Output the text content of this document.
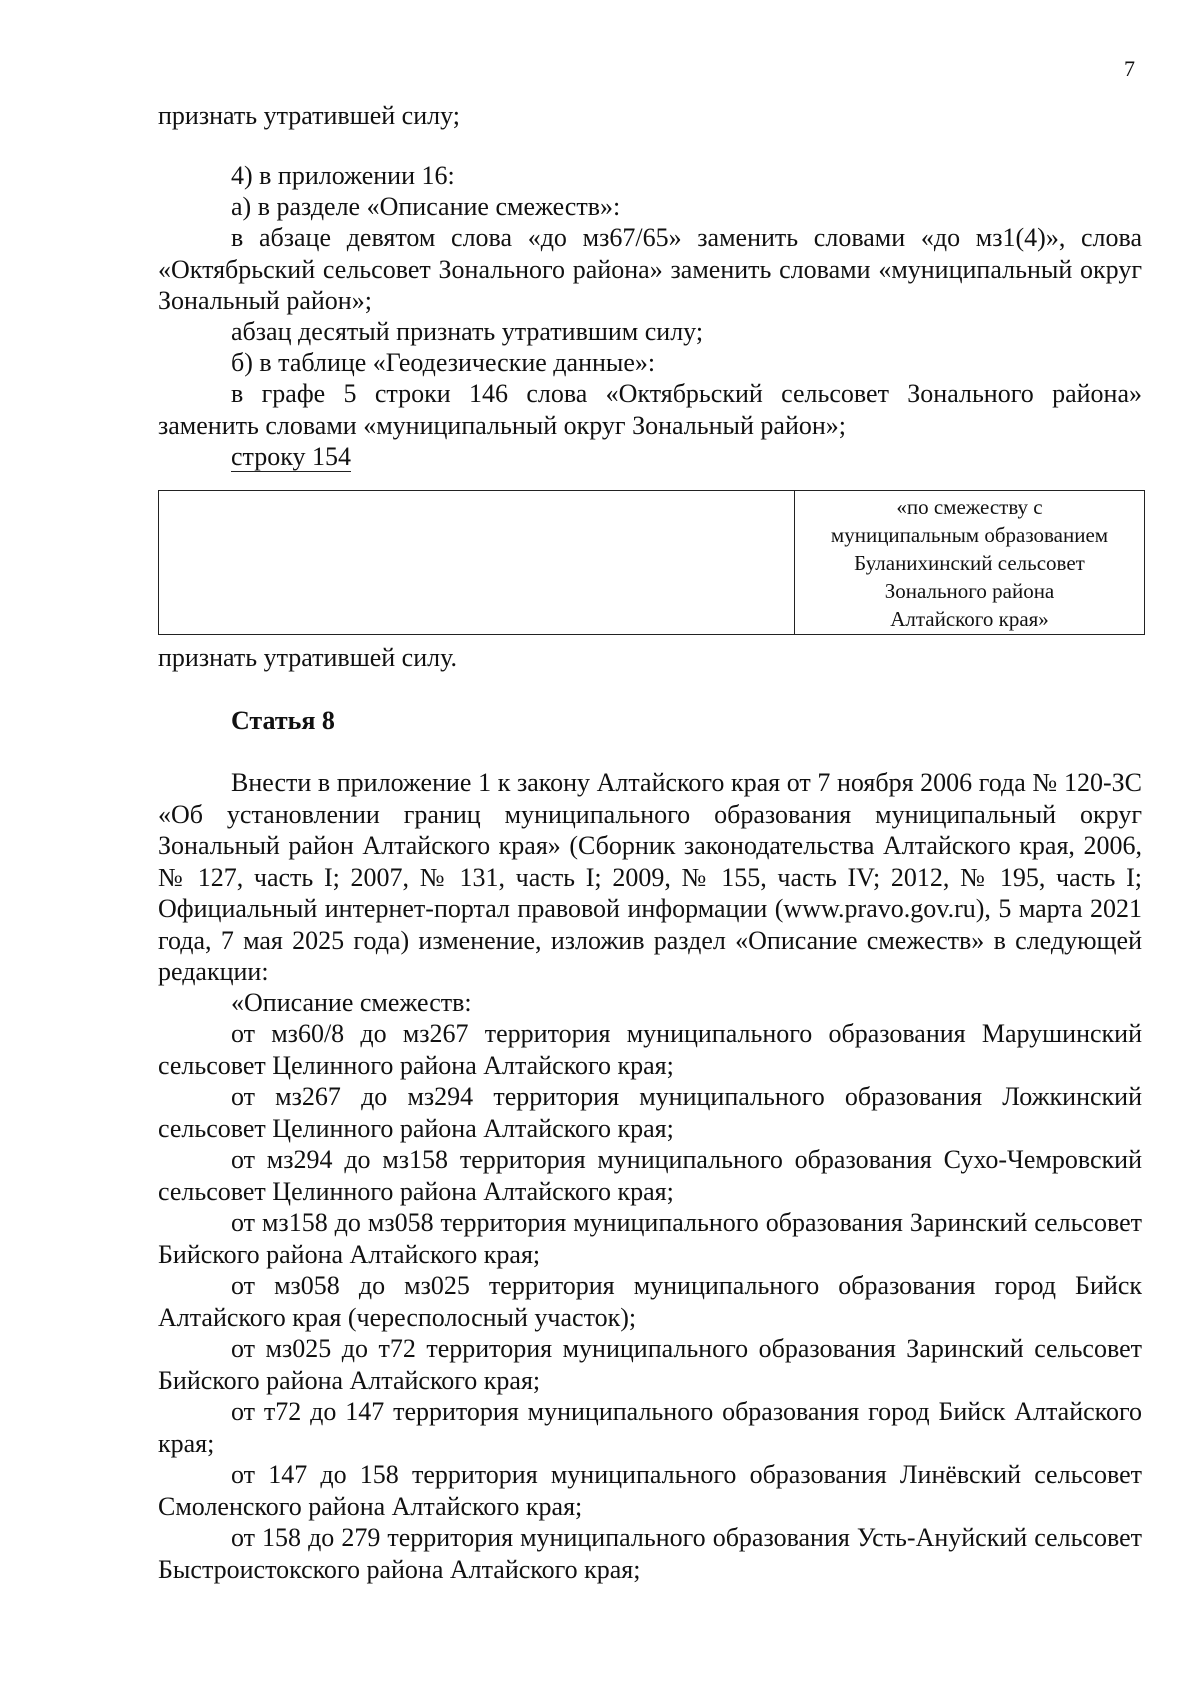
7

признать утратившей силу;

4) в приложении 16:

а) в разделе «Описание смежеств»:

в абзаце девятом слова «до мз67/65» заменить словами «до мз1(4)», слова «Октябрьский сельсовет Зонального района» заменить словами «муниципальный округ Зональный район»;

абзац десятый признать утратившим силу;

б) в таблице «Геодезические данные»:

в графе 5 строки 146 слова «Октябрьский сельсовет Зонального района» заменить словами «муниципальный округ Зональный район»;

строку 154

«по смежеству с
муниципальным образованием
Буланихинский сельсовет
Зонального района
Алтайского края»

признать утратившей силу.

Статья 8

Внести в приложение 1 к закону Алтайского края от 7 ноября 2006 года № 120-ЗС «Об установлении границ муниципального образования муниципальный округ Зональный район Алтайского края» (Сборник законодательства Алтайского края, 2006, № 127, часть I; 2007, № 131, часть I; 2009, № 155, часть IV; 2012, № 195, часть I; Официальный интернет-портал правовой информации (www.pravo.gov.ru), 5 марта 2021 года, 7 мая 2025 года) изменение, изложив раздел «Описание смежеств» в следующей редакции:

«Описание смежеств:

от мз60/8 до мз267 территория муниципального образования Марушинский сельсовет Целинного района Алтайского края;

от мз267 до мз294 территория муниципального образования Ложкинский сельсовет Целинного района Алтайского края;

от мз294 до мз158 территория муниципального образования Сухо-Чемровский сельсовет Целинного района Алтайского края;

от мз158 до мз058 территория муниципального образования Заринский сельсовет Бийского района Алтайского края;

от мз058 до мз025 территория муниципального образования город Бийск Алтайского края (чересполосный участок);

от мз025 до т72 территория муниципального образования Заринский сельсовет Бийского района Алтайского края;

от т72 до 147 территория муниципального образования город Бийск Алтайского края;

от 147 до 158 территория муниципального образования Линёвский сельсовет Смоленского района Алтайского края;

от 158 до 279 территория муниципального образования Усть-Ануйский сельсовет Быстроистокского района Алтайского края;
